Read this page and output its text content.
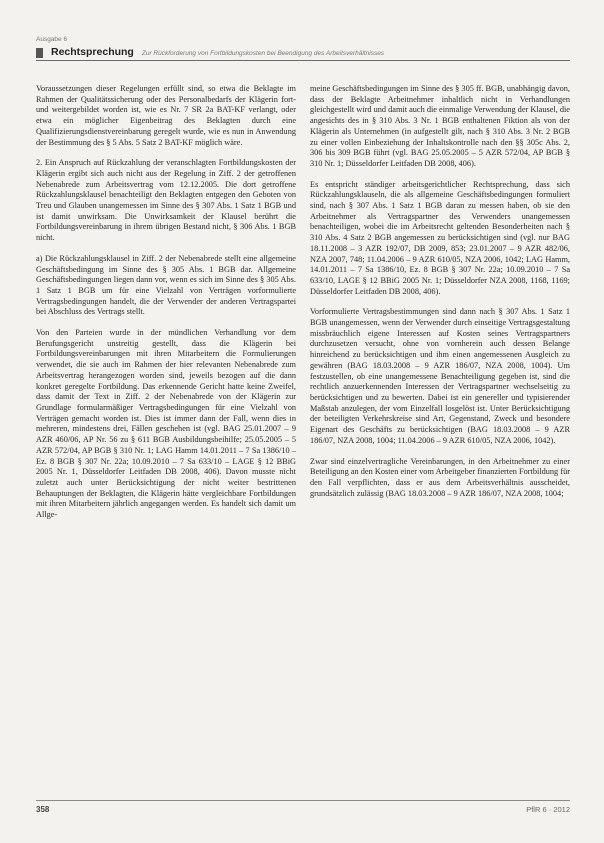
Ausgabe 6
Rechtsprechung Zur Rückforderung von Fortbildungskosten bei Beendigung des Arbeitsverhältnisses

Voraussetzungen dieser Regelungen erfüllt sind, so etwa die Beklagte im Rahmen der Qualitätssicherung oder des Personalbedarfs der Klägerin fort- und weitergebildet worden ist, wie es Nr. 7 SR 2a BAT-KF verlangt, oder etwa ein möglicher Eigenbeitrag des Beklagten durch eine Qualifizierungsdienstvereinbarung geregelt wurde, wie es nun in Anwendung der Bestimmung des § 5 Abs. 5 Satz 2 BAT-KF möglich wäre.

2. Ein Anspruch auf Rückzahlung der veranschlagten Fortbildungskosten der Klägerin ergibt sich auch nicht aus der Regelung in Ziff. 2 der getroffenen Nebenabrede zum Arbeitsvertrag vom 12.12.2005. Die dort getroffene Rückzahlungsklausel benachteiligt den Beklagten entgegen den Geboten von Treu und Glauben unangemessen im Sinne des § 307 Abs. 1 Satz 1 BGB und ist damit unwirksam. Die Unwirksamkeit der Klausel berührt die Fortbildungsvereinbarung in ihrem übrigen Bestand nicht, § 306 Abs. 1 BGB nicht.

a) Die Rückzahlungsklausel in Ziff. 2 der Nebenabrede stellt eine allgemeine Geschäftsbedingung im Sinne des § 305 Abs. 1 BGB dar. Allgemeine Geschäftsbedingungen liegen dann vor, wenn es sich im Sinne des § 305 Abs. 1 Satz 1 BGB um für eine Vielzahl von Verträgen vorformulierte Vertragsbedingungen handelt, die der Verwender der anderen Vertragspartei bei Abschluss des Vertrags stellt.

Von den Parteien wurde in der mündlichen Verhandlung vor dem Berufungsgericht unstreitig gestellt, dass die Klägerin bei Fortbildungsvereinbarungen mit ihren Mitarbeitern die Formulierungen verwendet, die sie auch im Rahmen der hier relevanten Nebenabrede zum Arbeitsvertrag herangezogen worden sind, jeweils bezogen auf die dann konkret geregelte Fortbildung. Das erkennende Gericht hatte keine Zweifel, dass damit der Text in Ziff. 2 der Nebenabrede von der Klägerin zur Grundlage formularmäßiger Vertragsbedingungen für eine Vielzahl von Verträgen gemacht worden ist. Dies ist immer dann der Fall, wenn dies in mehreren, mindestens drei, Fällen geschehen ist (vgl. BAG 25.01.2007 – 9 AZR 460/06, AP Nr. 56 zu § 611 BGB Ausbildungsbeihilfe; 25.05.2005 – 5 AZR 572/04, AP BGB § 310 Nr. 1; LAG Hamm 14.01.2011 – 7 Sa 1386/10 – Ez. 8 BGB § 307 Nr. 22a; 10.09.2010 – 7 Sa 633/10 – LAGE § 12 BBiG 2005 Nr. 1, Düsseldorfer Leitfaden DB 2008, 406). Davon musste nicht zuletzt auch unter Berücksichtigung der nicht weiter bestrittenen Behauptungen der Beklagten, die Klägerin hätte vergleichbare Fortbildungen mit ihren Mitarbeitern jährlich angegangen werden. Es handelt sich damit um Allge-

meine Geschäftsbedingungen im Sinne des § 305 ff. BGB, unabhängig davon, dass der Beklagte Arbeitnehmer inhaltlich nicht in Verhandlungen gleichgestellt wird und damit auch die einmalige Verwendung der Klausel, die angesichts des in § 310 Abs. 3 Nr. 1 BGB enthaltenen Fiktion als von der Klägerin als Unternehmen (in aufgestellt gilt, nach § 310 Abs. 3 Nr. 2 BGB zu einer vollen Einbeziehung der Inhaltskontrolle nach den §§ 305c Abs. 2, 306 bis 309 BGB führt (vgl. BAG 25.05.2005 – 5 AZR 572/04, AP BGB § 310 Nr. 1; Düsseldorfer Leitfaden DB 2008, 406).

Es entspricht ständiger arbeitsgerichtlicher Rechtsprechung, dass sich Rückzahlungsklauseln, die als allgemeine Geschäftsbedingungen formuliert sind, nach § 307 Abs. 1 Satz 1 BGB daran zu messen haben, ob sie den Arbeitnehmer als Vertragspartner des Verwenders unangemessen benachteiligen, wobei die im Arbeitsrecht geltenden Besonderheiten nach § 310 Abs. 4 Satz 2 BGB angemessen zu berücksichtigen sind (vgl. nur BAG 18.11.2008 – 3 AZR 192/07, DB 2009, 853; 23.01.2007 – 9 AZR 482/06, NZA 2007, 748; 11.04.2006 – 9 AZR 610/05, NZA 2006, 1042; LAG Hamm, 14.01.2011 – 7 Sa 1386/10, Ez. 8 BGB § 307 Nr. 22a; 10.09.2010 – 7 Sa 633/10, LAGE § 12 BBiG 2005 Nr. 1; Düsseldorfer NZA 2008, 1168, 1169; Düsseldorfer Leitfaden DB 2008, 406).

Vorformulierte Vertragsbestimmungen sind dann nach § 307 Abs. 1 Satz 1 BGB unangemessen, wenn der Verwender durch einseitige Vertragsgestaltung missbräuchlich eigene Interessen auf Kosten seines Vertragspartners durchzusetzen versucht, ohne von vornherein auch dessen Belange hinreichend zu berücksichtigen und ihm einen angemessenen Ausgleich zu gewähren (BAG 18.03.2008 – 9 AZR 186/07, NZA 2008, 1004). Um festzustellen, ob eine unangemessene Benachteiligung gegeben ist, sind die rechtlich anzuerkennenden Interessen der Vertragspartner wechselseitig zu berücksichtigen und zu bewerten. Dabei ist ein genereller und typisierender Maßstab anzulegen, der vom Einzelfall losgelöst ist. Unter Berücksichtigung der beteiligten Verkehrskreise sind Art, Gegenstand, Zweck und besondere Eigenart des Geschäfts zu berücksichtigen (BAG 18.03.2008 – 9 AZR 186/07, NZA 2008, 1004; 11.04.2006 – 9 AZR 610/05, NZA 2006, 1042).

Zwar sind einzelvertragliche Vereinbarungen, in den Arbeitnehmer zu einer Beteiligung an den Kosten einer vom Arbeitgeber finanzierten Fortbildung für den Fall verpflichten, dass er aus dem Arbeitsverhältnis ausscheidet, grundsätzlich zulässig (BAG 18.03.2008 – 9 AZR 186/07, NZA 2008, 1004;

358	PflR 6 · 2012
